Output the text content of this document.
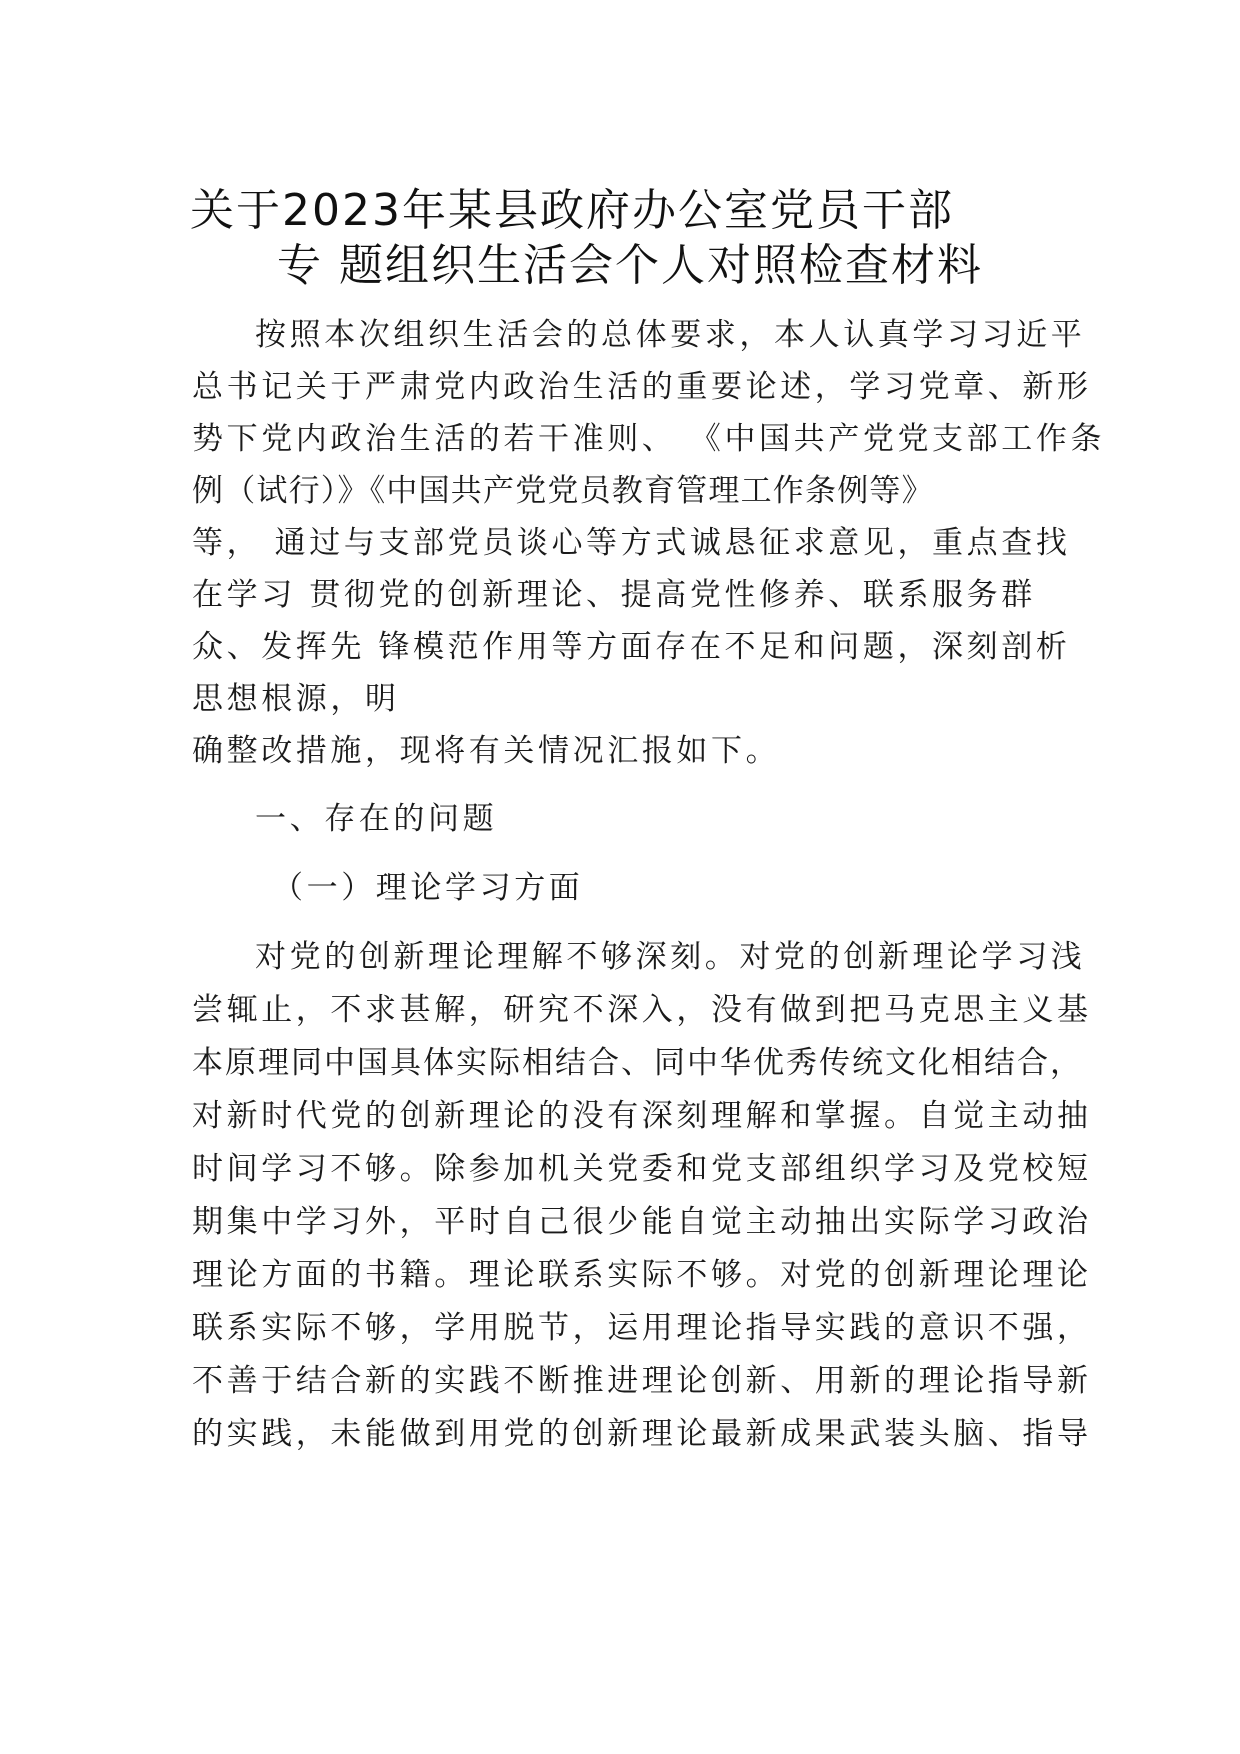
关于2023年某县政府办公室党员干部
专 题组织生活会个人对照检查材料
按照本次组织生活会的总体要求，本人认真学习习近平
总书记关于严肃党内政治生活的重要论述，学习党章、新形
势下党内政治生活的若干准则、 《中国共产党党支部工作条
例（试行）》《中国共产党党员教育管理工作条例等》
等， 通过与支部党员谈心等方式诚恳征求意见，重点查找
在学习 贯彻党的创新理论、提高党性修养、联系服务群
众、发挥先 锋模范作用等方面存在不足和问题，深刻剖析
思想根源，明
确整改措施，现将有关情况汇报如下。
一、存在的问题
（一）理论学习方面
对党的创新理论理解不够深刻。对党的创新理论学习浅
尝辄止，不求甚解，研究不深入，没有做到把马克思主义基
本原理同中国具体实际相结合、同中华优秀传统文化相结合，
对新时代党的创新理论的没有深刻理解和掌握。自觉主动抽
时间学习不够。除参加机关党委和党支部组织学习及党校短
期集中学习外，平时自己很少能自觉主动抽出实际学习政治
理论方面的书籍。理论联系实际不够。对党的创新理论理论
联系实际不够，学用脱节，运用理论指导实践的意识不强，
不善于结合新的实践不断推进理论创新、用新的理论指导新
的实践，未能做到用党的创新理论最新成果武装头脑、指导
